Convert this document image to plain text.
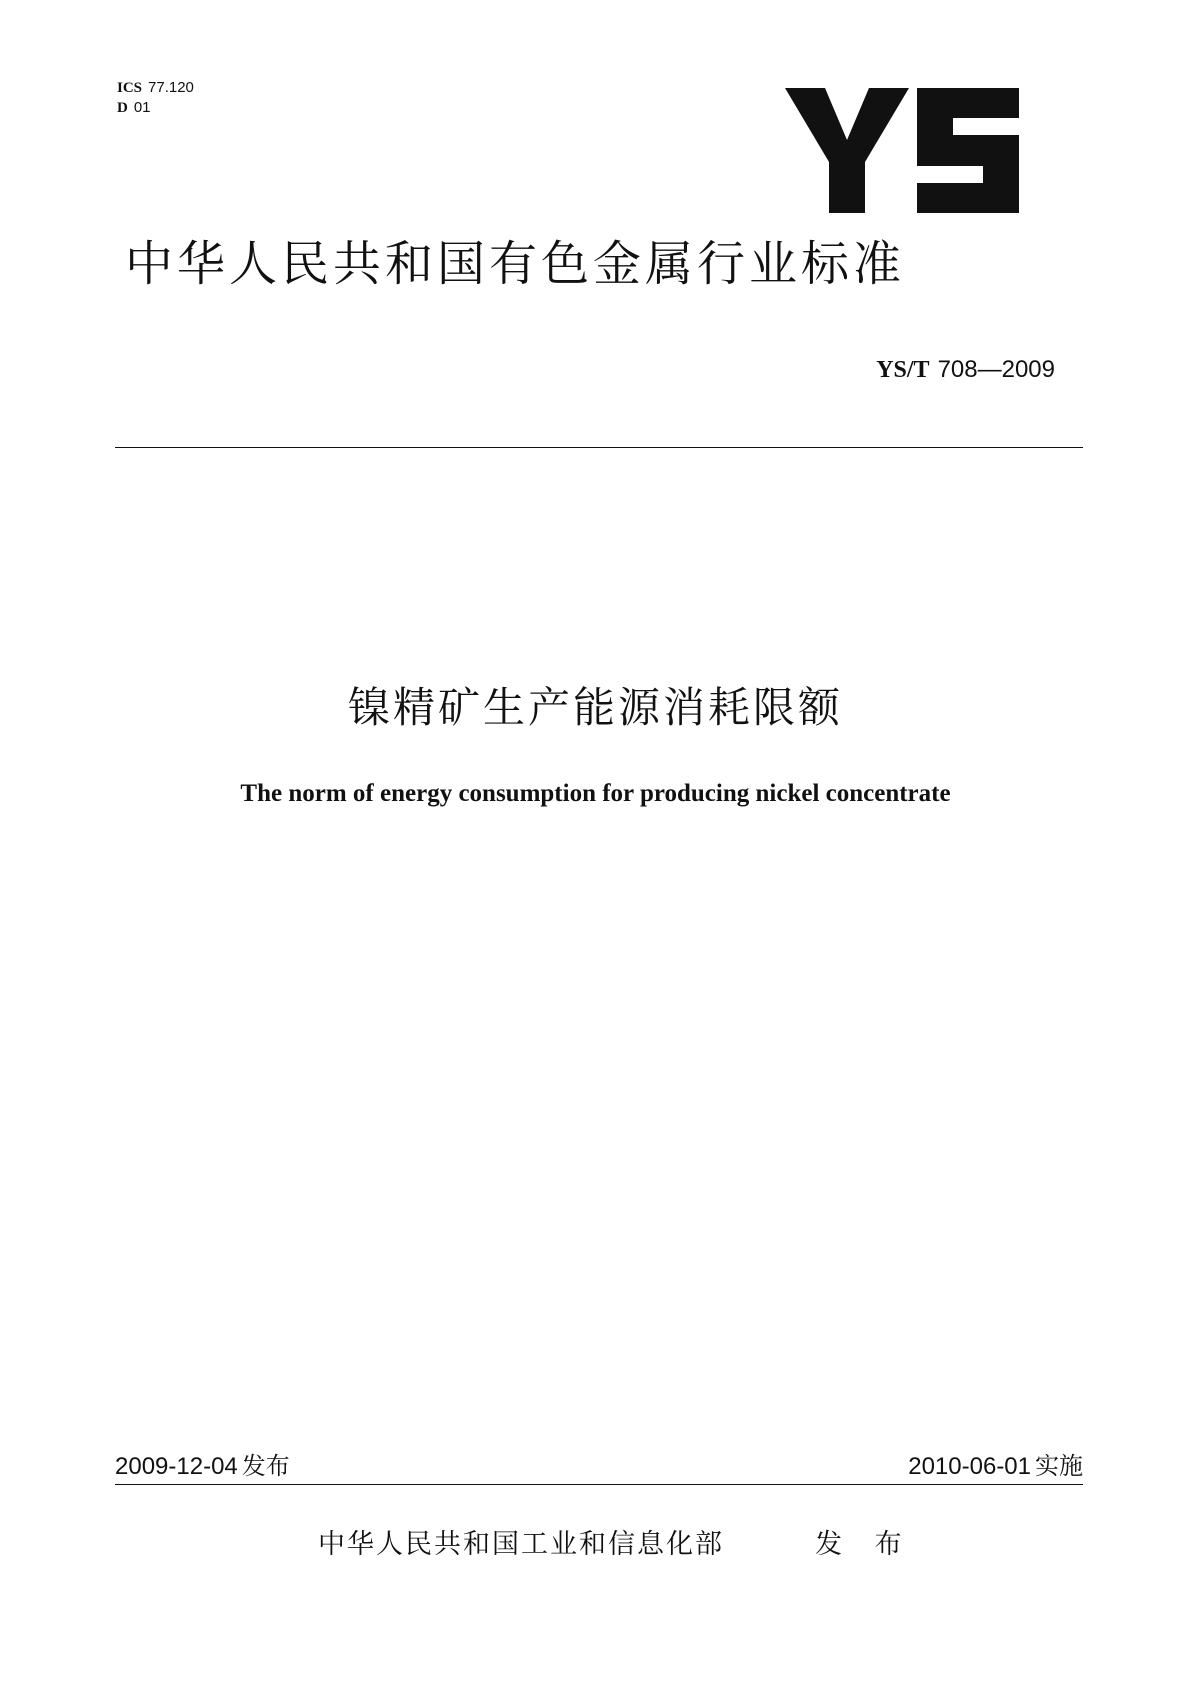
ICS 77.120
D 01
中华人民共和国有色金属行业标准
YS/T 708—2009
镍精矿生产能源消耗限额
The norm of energy consumption for producing nickel concentrate
2009-12-04 发布	2010-06-01 实施
中华人民共和国工业和信息化部	发 布
